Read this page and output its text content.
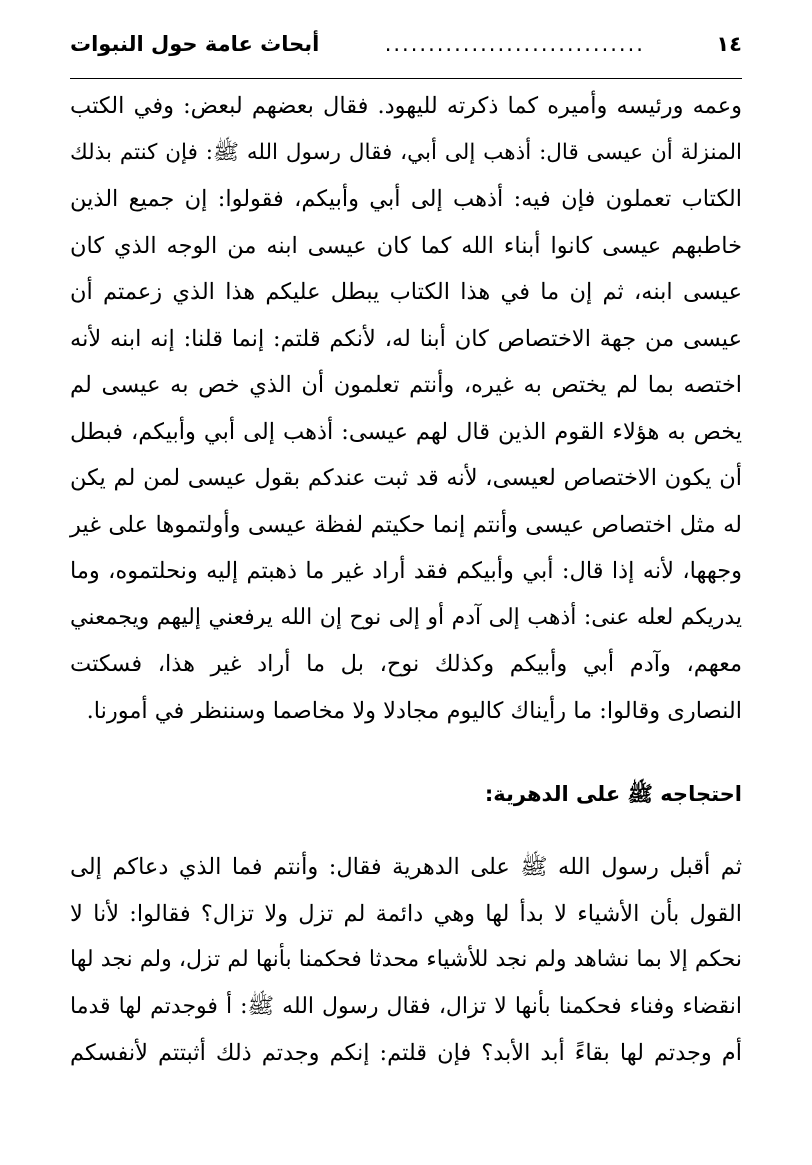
١٤
..............................
أبحاث عامة حول النبوات

وعمه ورئيسه وأميره كما ذكرته لليهود. فقال بعضهم لبعض: وفي الكتب

المنزلة أن عيسى قال: أذهب إلى أبي، فقال رسول الله ﷺ: فإن كنتم بذلك

الكتاب تعملون فإن فيه: أذهب إلى أبي وأبيكم، فقولوا: إن جميع الذين

خاطبهم عيسى كانوا أبناء الله كما كان عيسى ابنه من الوجه الذي كان

عيسى ابنه، ثم إن ما في هذا الكتاب يبطل عليكم هذا الذي زعمتم أن

عيسى من جهة الاختصاص كان أبنا له، لأنكم قلتم: إنما قلنا: إنه ابنه لأنه

اختصه بما لم يختص به غيره، وأنتم تعلمون أن الذي خص به عيسى لم

يخص به هؤلاء القوم الذين قال لهم عيسى: أذهب إلى أبي وأبيكم، فبطل

أن يكون الاختصاص لعيسى، لأنه قد ثبت عندكم بقول عيسى لمن لم يكن

له مثل اختصاص عيسى وأنتم إنما حكيتم لفظة عيسى وأولتموها على غير

وجهها، لأنه إذا قال: أبي وأبيكم فقد أراد غير ما ذهبتم إليه ونحلتموه، وما

يدريكم لعله عنى: أذهب إلى آدم أو إلى نوح إن الله يرفعني إليهم ويجمعني

معهم، وآدم أبي وأبيكم وكذلك نوح، بل ما أراد غير هذا، فسكتت

النصارى وقالوا: ما رأيناك كاليوم مجادلا ولا مخاصما وسننظر في أمورنا.

احتجاجه ﷺ على الدهرية:

ثم أقبل رسول الله ﷺ على الدهرية فقال: وأنتم فما الذي دعاكم إلى

القول بأن الأشياء لا بدأ لها وهي دائمة لم تزل ولا تزال؟ فقالوا: لأنا لا

نحكم إلا بما نشاهد ولم نجد للأشياء محدثا فحكمنا بأنها لم تزل، ولم نجد لها

انقضاء وفناء فحكمنا بأنها لا تزال، فقال رسول الله ﷺ: أ فوجدتم لها قدما

أم وجدتم لها بقاءً أبد الأبد؟ فإن قلتم: إنكم وجدتم ذلك أثبتتم لأنفسكم
